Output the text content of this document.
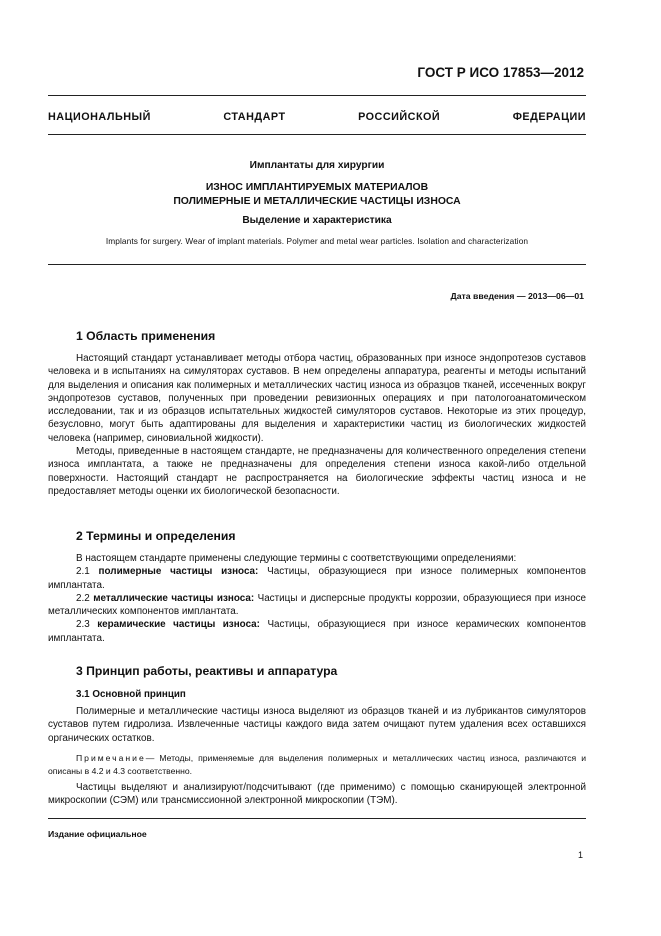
ГОСТ Р ИСО 17853—2012
НАЦИОНАЛЬНЫЙ СТАНДАРТ РОССИЙСКОЙ ФЕДЕРАЦИИ
Имплантаты для хирургии
ИЗНОС ИМПЛАНТИРУЕМЫХ МАТЕРИАЛОВ
ПОЛИМЕРНЫЕ И МЕТАЛЛИЧЕСКИЕ ЧАСТИЦЫ ИЗНОСА
Выделение и характеристика
Implants for surgery. Wear of implant materials. Polymer and metal wear particles. Isolation and characterization
Дата введения — 2013—06—01
1 Область применения

Настоящий стандарт устанавливает методы отбора частиц, образованных при износе эндопротезов суставов человека и в испытаниях на симуляторах суставов. В нем определены аппаратура, реагенты и методы испытаний для выделения и описания как полимерных и металлических частиц износа из образцов тканей, иссеченных вокруг эндопротезов суставов, полученных при проведении ревизионных операциях и при патологоанатомическом исследовании, так и из образцов испытательных жидкостей симуляторов суставов. Некоторые из этих процедур, безусловно, могут быть адаптированы для выделения и характеристики частиц из биологических жидкостей человека (например, синовиальной жидкости).

Методы, приведенные в настоящем стандарте, не предназначены для количественного определения степени износа имплантата, а также не предназначены для определения степени износа какой-либо отдельной поверхности. Настоящий стандарт не распространяется на биологические эффекты частиц износа и не предоставляет методы оценки их биологической безопасности.

2 Термины и определения

В настоящем стандарте применены следующие термины с соответствующими определениями:

2.1 полимерные частицы износа: Частицы, образующиеся при износе полимерных компонентов имплантата.

2.2 металлические частицы износа: Частицы и дисперсные продукты коррозии, образующиеся при износе металлических компонентов имплантата.

2.3 керамические частицы износа: Частицы, образующиеся при износе керамических компонентов имплантата.

3 Принцип работы, реактивы и аппаратура
3.1 Основной принцип

Полимерные и металлические частицы износа выделяют из образцов тканей и из лубрикантов симуляторов суставов путем гидролиза. Извлеченные частицы каждого вида затем очищают путем удаления всех оставшихся органических остатков.

Примечание— Методы, применяемые для выделения полимерных и металлических частиц износа, различаются и описаны в 4.2 и 4.3 соответственно.

Частицы выделяют и анализируют/подсчитывают (где применимо) с помощью сканирующей электронной микроскопии (СЭМ) или трансмиссионной электронной микроскопии (ТЭМ).

Издание официальное
1
